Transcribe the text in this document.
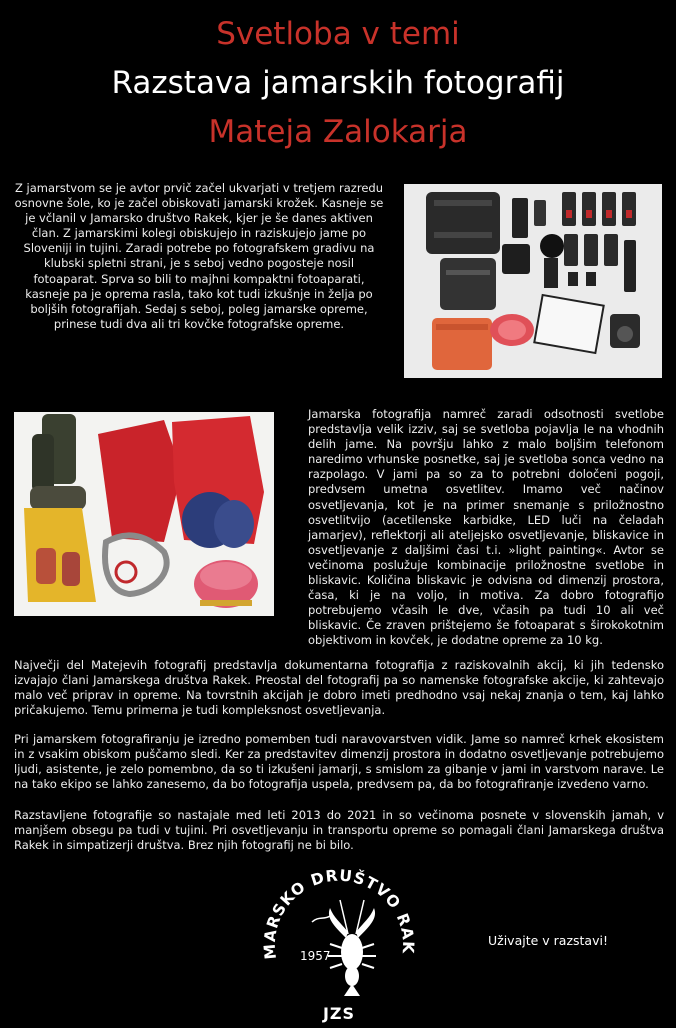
Svetloba v temi
Razstava jamarskih fotografij
Mateja Zalokarja
Z jamarstvom se je avtor prvič začel ukvarjati v tretjem razredu osnovne šole, ko je začel obiskovati jamarski krožek. Kasneje se je včlanil v Jamarsko društvo Rakek, kjer je še danes aktiven član. Z jamarskimi kolegi obiskujejo in raziskujejo jame po Sloveniji in tujini. Zaradi potrebe po fotografskem gradivu na klubski spletni strani, je s seboj vedno pogosteje nosil fotoaparat. Sprva so bili to majhni kompaktni fotoaparati, kasneje pa je oprema rasla, tako kot tudi izkušnje in želja po boljših fotografijah. Sedaj s seboj, poleg jamarske opreme, prinese tudi dva ali tri kovčke fotografske opreme.
Jamarska fotografija namreč zaradi odsotnosti svetlobe predstavlja velik izziv, saj se svetloba pojavlja le na vhodnih delih jame. Na površju lahko z malo boljšim telefonom naredimo vrhunske posnetke, saj je svetloba sonca vedno na razpolago. V jami pa so za to potrebni določeni pogoji, predvsem umetna osvetlitev. Imamo več načinov osvetljevanja, kot je na primer snemanje s priložnostno osvetlitvijo (acetilenske karbidke, LED luči na čeladah jamarjev), reflektorji ali ateljejsko osvetljevanje, bliskavice in osvetljevanje z daljšimi časi t.i. »light painting«. Avtor se večinoma poslužuje kombinacije priložnostne svetlobe in bliskavic. Količina bliskavic je odvisna od dimenzij prostora, časa, ki je na voljo, in motiva. Za dobro fotografijo potrebujemo včasih le dve, včasih pa tudi 10 ali več bliskavic. Če zraven prištejemo še fotoaparat s širokokotnim objektivom in kovček, je dodatne opreme za 10 kg.
Največji del Matejevih fotografij predstavlja dokumentarna fotografija z raziskovalnih akcij, ki jih tedensko izvajajo člani Jamarskega društva Rakek. Preostal del fotografij pa so namenske fotografske akcije, ki zahtevajo malo več priprav in opreme. Na tovrstnih akcijah je dobro imeti predhodno vsaj nekaj znanja o tem, kaj lahko pričakujemo. Temu primerna je tudi kompleksnost osvetljevanja.
Pri jamarskem fotografiranju je izredno pomemben tudi naravovarstven vidik. Jame so namreč krhek ekosistem in z vsakim obiskom puščamo sledi. Ker za predstavitev dimenzij prostora in dodatno osvetljevanje potrebujemo ljudi, asistente, je zelo pomembno, da so ti izkušeni jamarji, s smislom za gibanje v jami in varstvom narave. Le na tako ekipo se lahko zanesemo, da bo fotografija uspela, predvsem pa, da bo fotografiranje izvedeno varno.
Razstavljene fotografije so nastajale med leti 2013 do 2021 in so večinoma posnete v slovenskih jamah, v manjšem obsegu pa tudi v tujini. Pri osvetljevanju in transportu opreme so pomagali člani Jamarskega društva Rakek in simpatizerji društva. Brez njih fotografij ne bi bilo.
MARSKO DRUŠTVO RAK
1957
JZS
Uživajte v razstavi!
